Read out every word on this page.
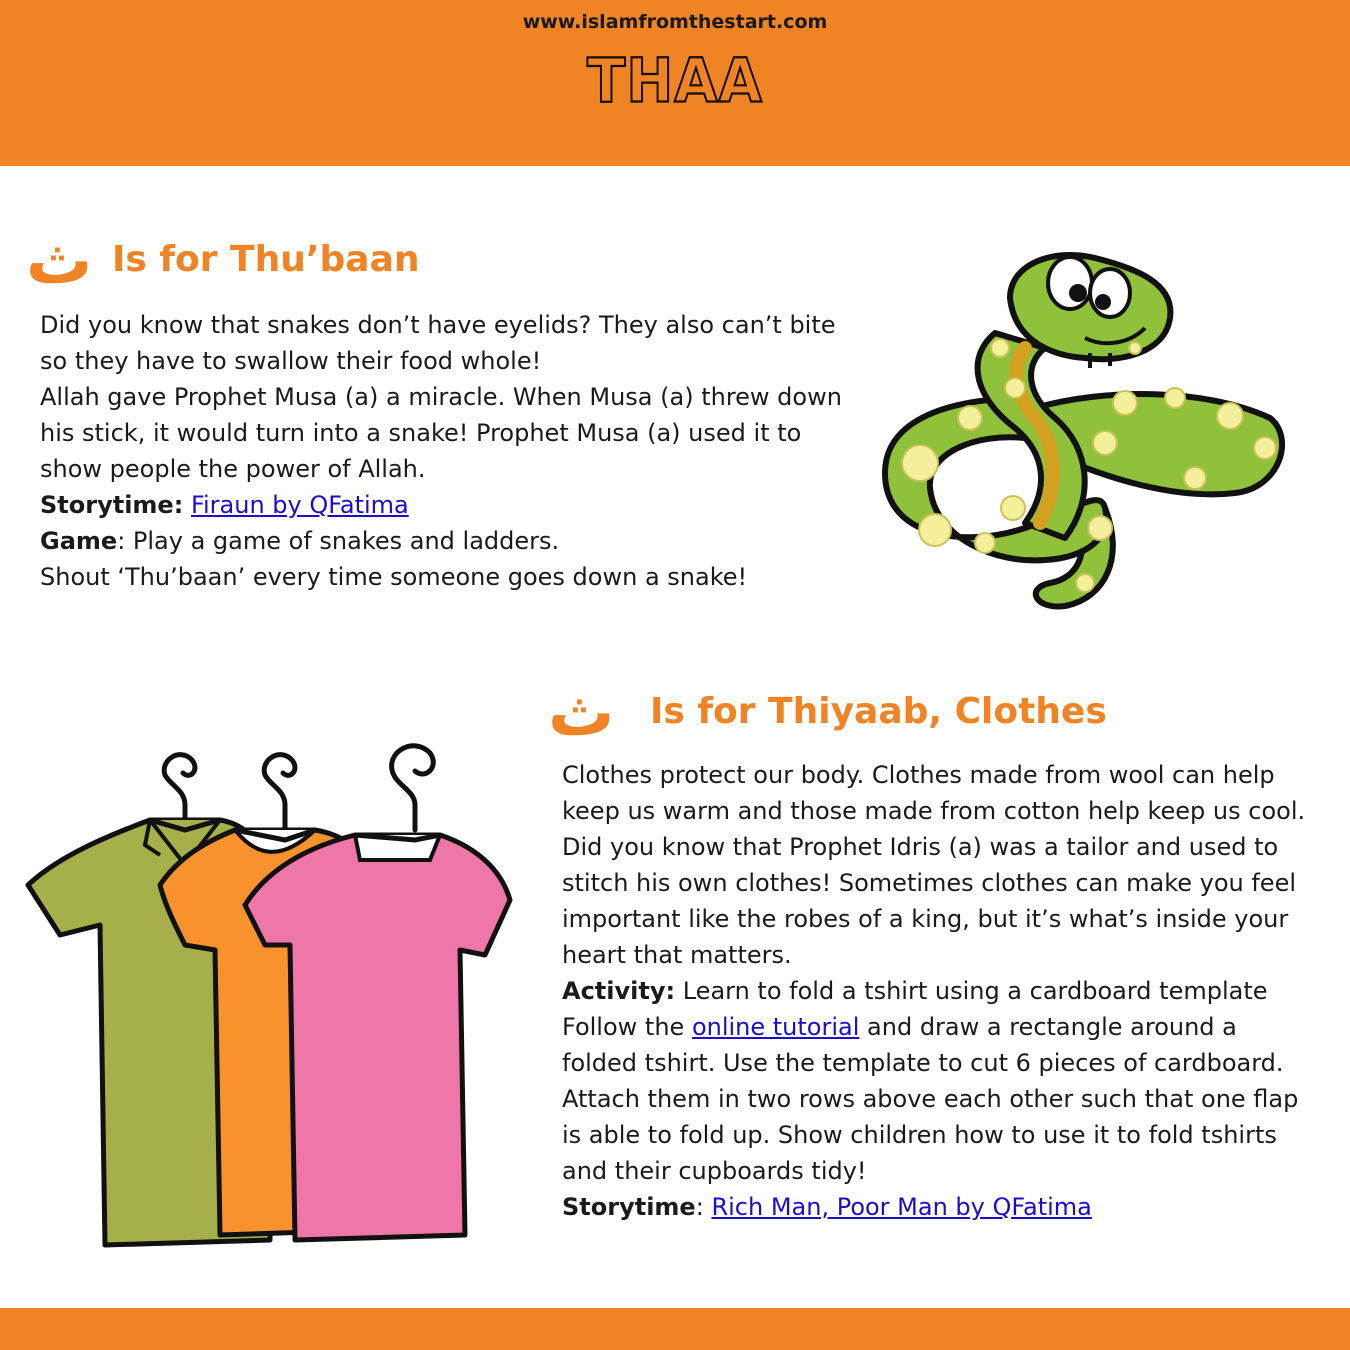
THAA
ث Is for Thu’baan
Did you know that snakes don’t have eyelids? They also can’t bite
so they have to swallow their food whole!
Allah gave Prophet Musa (a) a miracle. When Musa (a) threw down
his stick, it would turn into a snake! Prophet Musa (a) used it to
show people the power of Allah.
Storytime: Firaun by QFatima
Game: Play a game of snakes and ladders.
Shout ‘Thu’baan’ every time someone goes down a snake!
ث Is for Thiyaab, Clothes
Clothes protect our body. Clothes made from wool can help
keep us warm and those made from cotton help keep us cool.
Did you know that Prophet Idris (a) was a tailor and used to
stitch his own clothes! Sometimes clothes can make you feel
important like the robes of a king, but it’s what’s inside your
heart that matters.
Activity: Learn to fold a tshirt using a cardboard template
Follow the online tutorial and draw a rectangle around a
folded tshirt. Use the template to cut 6 pieces of cardboard.
Attach them in two rows above each other such that one flap
is able to fold up. Show children how to use it to fold tshirts
and their cupboards tidy!
Storytime: Rich Man, Poor Man by QFatima
www.islamfromthestart.com
